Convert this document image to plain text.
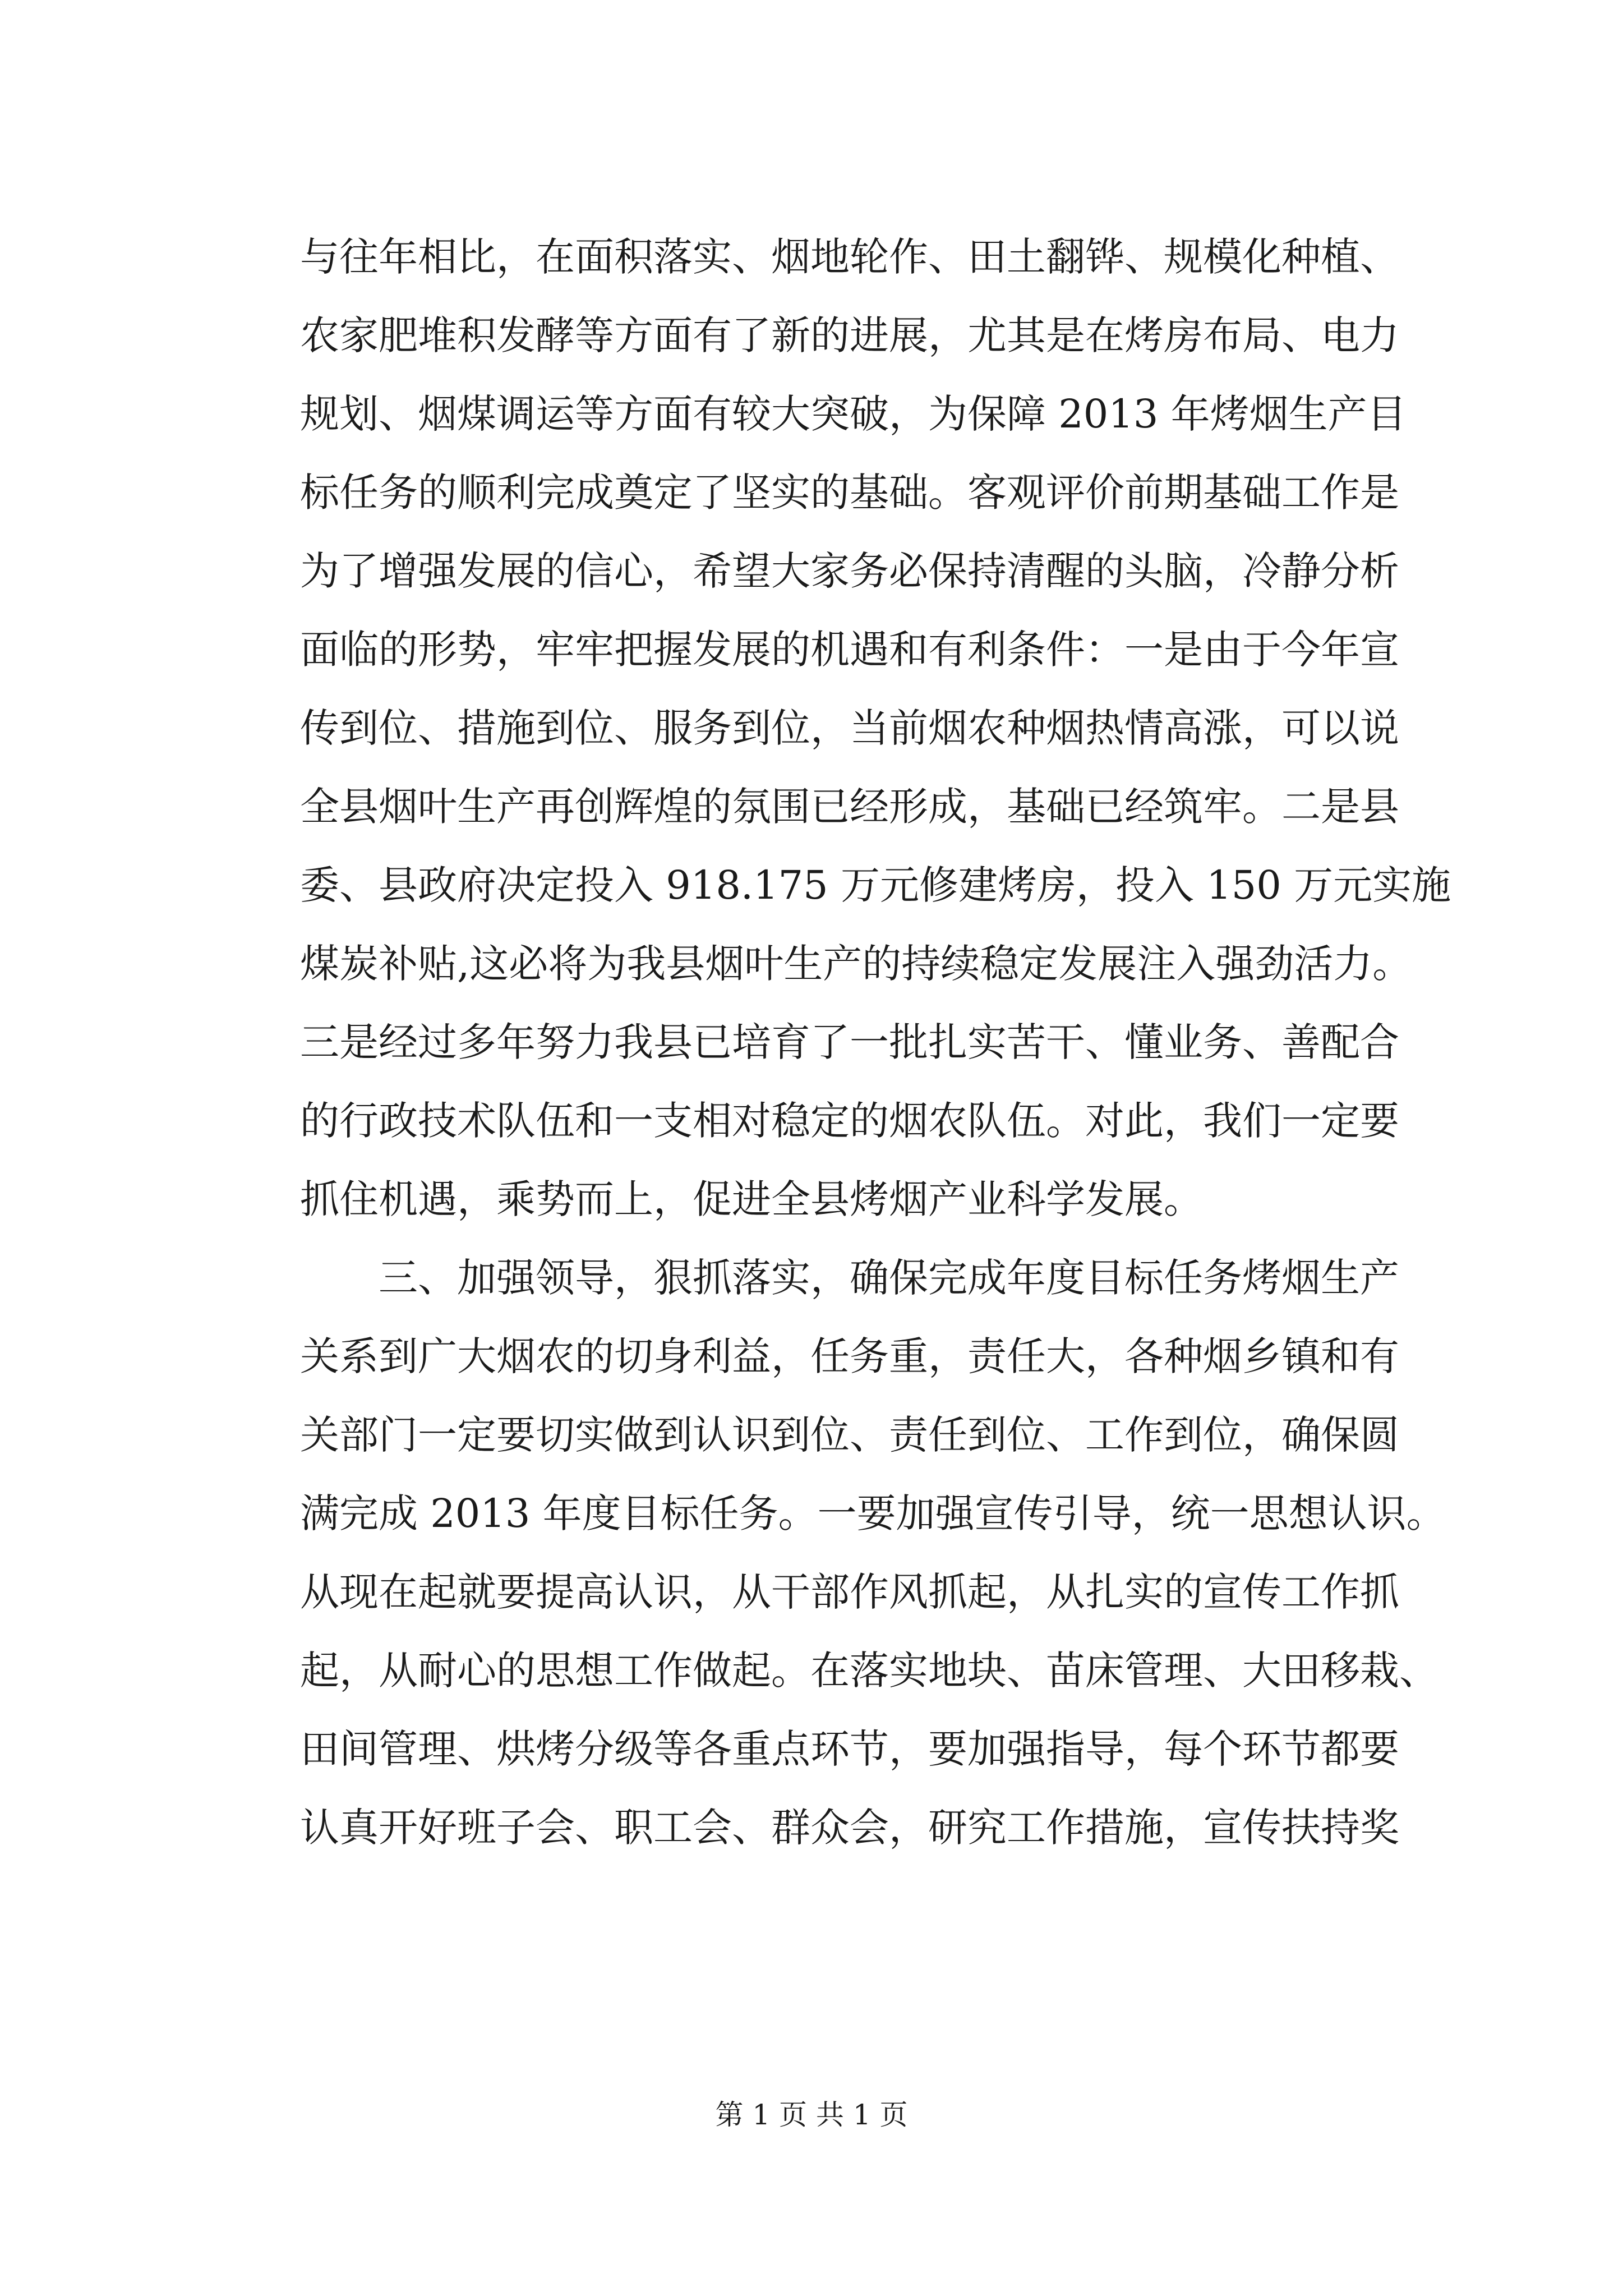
与往年相比，在面积落实、烟地轮作、田土翻铧、规模化种植、
农家肥堆积发酵等方面有了新的进展，尤其是在烤房布局、电力
规划、烟煤调运等方面有较大突破，为保障 2013 年烤烟生产目
标任务的顺利完成奠定了坚实的基础。客观评价前期基础工作是
为了增强发展的信心，希望大家务必保持清醒的头脑，冷静分析
面临的形势，牢牢把握发展的机遇和有利条件：一是由于今年宣
传到位、措施到位、服务到位，当前烟农种烟热情高涨，可以说
全县烟叶生产再创辉煌的氛围已经形成，基础已经筑牢。二是县
委、县政府决定投入 918.175 万元修建烤房，投入 150 万元实施
煤炭补贴,这必将为我县烟叶生产的持续稳定发展注入强劲活力。
三是经过多年努力我县已培育了一批扎实苦干、懂业务、善配合
的行政技术队伍和一支相对稳定的烟农队伍。对此，我们一定要
抓住机遇，乘势而上，促进全县烤烟产业科学发展。
三、加强领导，狠抓落实，确保完成年度目标任务烤烟生产
关系到广大烟农的切身利益，任务重，责任大，各种烟乡镇和有
关部门一定要切实做到认识到位、责任到位、工作到位，确保圆
满完成 2013 年度目标任务。一要加强宣传引导，统一思想认识。
从现在起就要提高认识，从干部作风抓起，从扎实的宣传工作抓
起，从耐心的思想工作做起。在落实地块、苗床管理、大田移栽、
田间管理、烘烤分级等各重点环节，要加强指导，每个环节都要
认真开好班子会、职工会、群众会，研究工作措施，宣传扶持奖
第 1 页 共 1 页
